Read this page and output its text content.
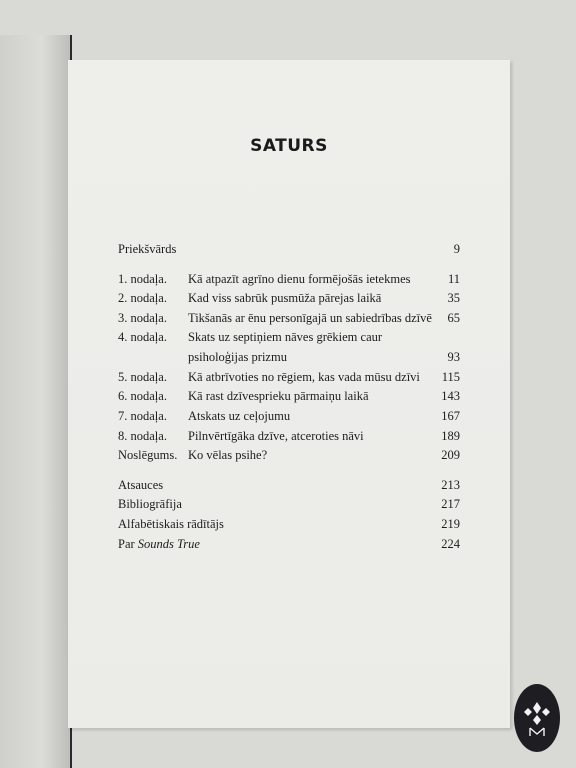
SATURS
Priekšvārds	9
1. nodaļa. Kā atpazīt agrīno dienu formējošās ietekmes	11
2. nodaļa. Kad viss sabrūk pusmūža pārejas laikā	35
3. nodaļa. Tikšanās ar ēnu personīgajā un sabiedrības dzīvē 65
4. nodaļa. Skats uz septiņiem nāves grēkiem caur
psiholoģijas prizmu	93
5. nodaļa. Kā atbrīvoties no rēgiem, kas vada mūsu dzīvi 115
6. nodaļa. Kā rast dzīvesprieku pārmaiņu laikā	143
7. nodaļa. Atskats uz ceļojumu	167
8. nodaļa. Pilnvērtīgāka dzīve, atceroties nāvi	189
Noslēgums. Ko vēlas psihe?	209
Atsauces	213
Bibliogrāfija	217
Alfabētiskais rādītājs	219
Par Sounds True	224
